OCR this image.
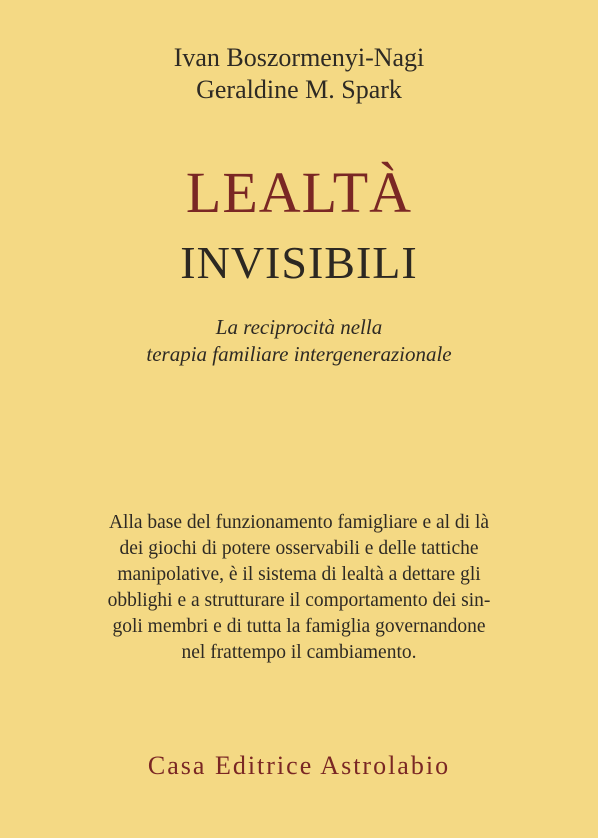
Ivan Boszormenyi-Nagi
Geraldine M. Spark
LEALTÀ
INVISIBILI
La reciprocità nella
terapia familiare intergenerazionale
Alla base del funzionamento famigliare e al di là
dei giochi di potere osservabili e delle tattiche
manipolative, è il sistema di lealtà a dettare gli
obblighi e a strutturare il comportamento dei sin-
goli membri e di tutta la famiglia governandone
nel frattempo il cambiamento.
Casa Editrice Astrolabio
